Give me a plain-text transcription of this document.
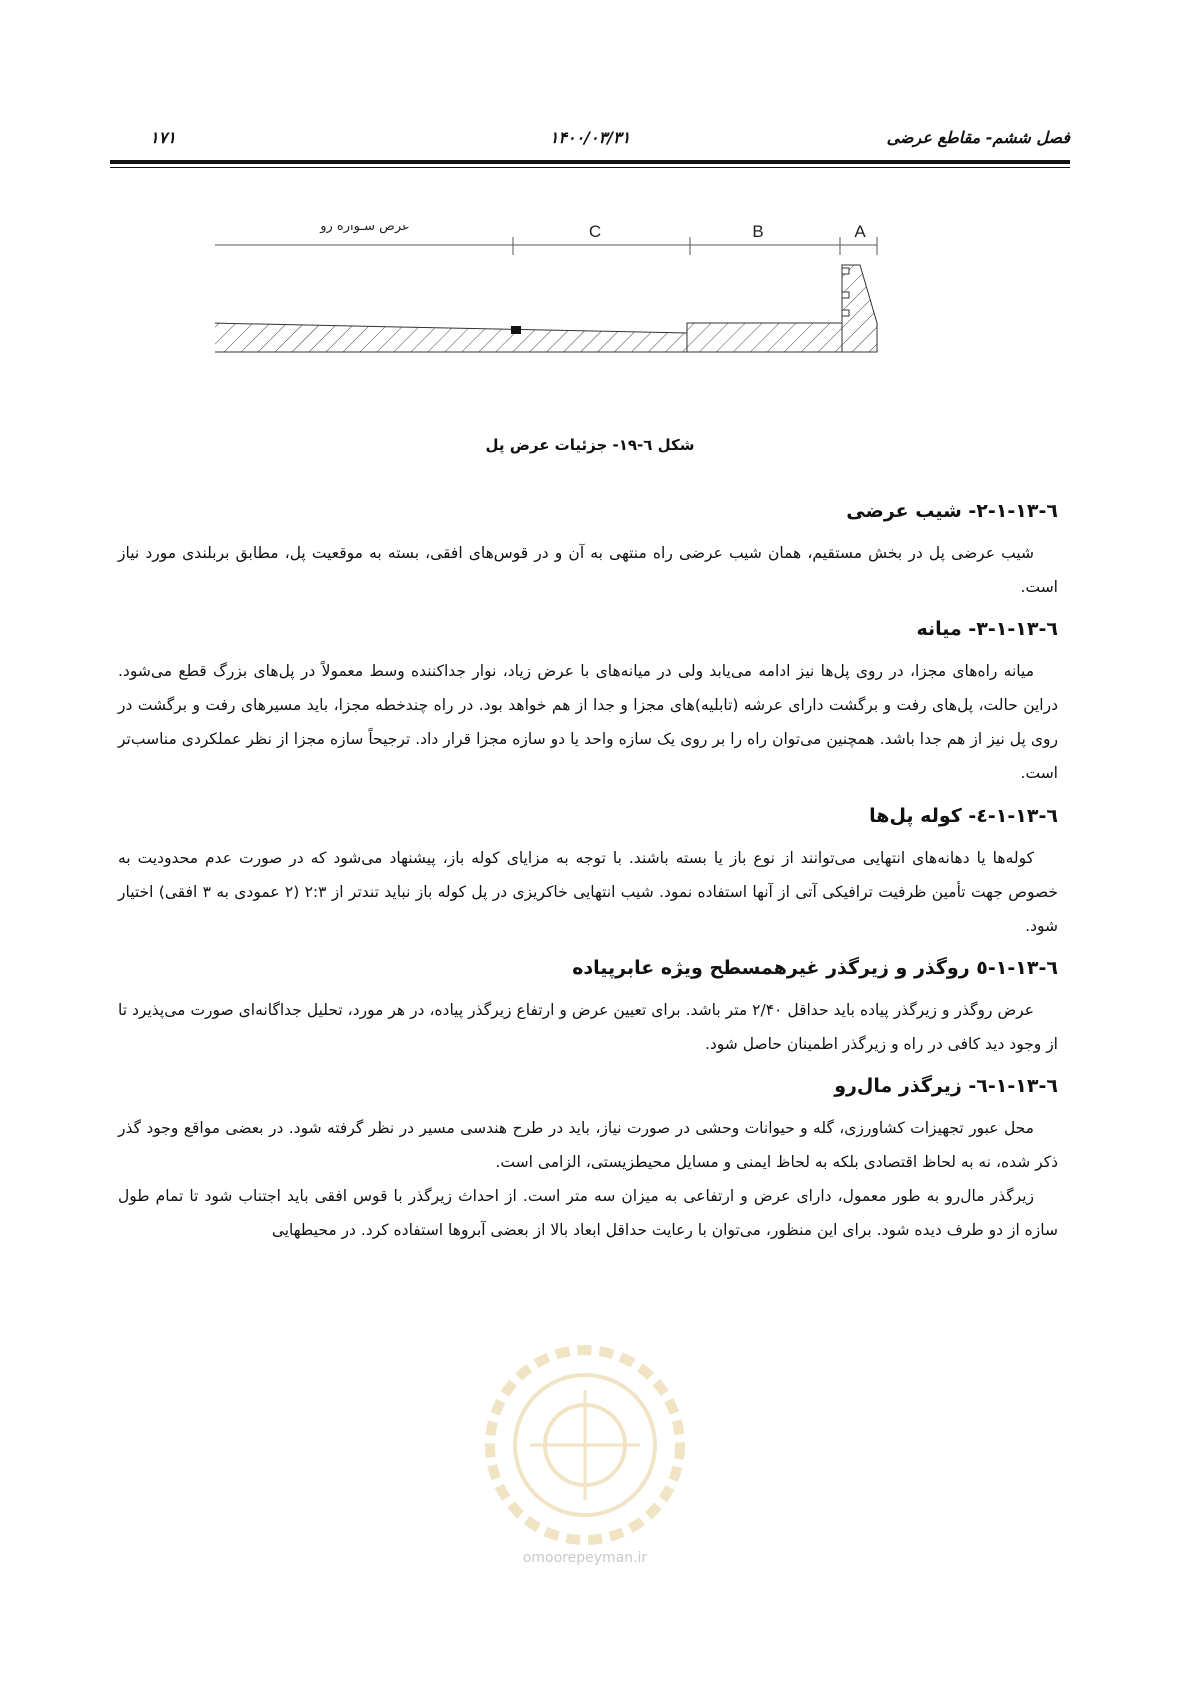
فصل ششم- مقاطع عرضی
۱۴۰۰/۰۳/۳۱
۱۷۱
عرض سـواره رو	C	B	A
شکل ٦-١٩- جزئیات عرض پل
٦-١٣-١-٢- شیب عرضی

شیب عرضی پل در بخش مستقیم، همان شیب عرضی راه منتهی به آن و در قوس‌های افقی، بسته به موقعیت پل، مطابق بربلندی مورد نیاز است.

٦-١٣-١-٣- میانه

میانه راه‌های مجزا، در روی پل‌ها نیز ادامه می‌یابد ولی در میانه‌های با عرض زیاد، نوار جداکننده وسط معمولاً در پل‌های بزرگ قطع می‌شود. دراین حالت، پل‌های رفت و برگشت دارای عرشه (تابلیه)های مجزا و جدا از هم خواهد بود. در راه چندخطه مجزا، باید مسیرهای رفت و برگشت در روی پل نیز از هم جدا باشد. همچنین می‌توان راه را بر روی یک سازه واحد یا دو سازه مجزا قرار داد. ترجیحاً سازه مجزا از نظر عملکردی مناسب‌تر است.

٦-١٣-١-٤- کوله پل‌ها

کوله‌ها یا دهانه‌های انتهایی می‌توانند از نوع باز یا بسته باشند. با توجه به مزایای کوله باز، پیشنهاد می‌شود که در صورت عدم محدودیت به خصوص جهت تأمین ظرفیت ترافیکی آتی از آنها استفاده نمود. شیب انتهایی خاکریزی در پل کوله باز نباید تندتر از ۲:۳ (۲ عمودی به ۳ افقی) اختیار شود.

٦-١٣-١-٥ روگذر و زیرگذر غیرهمسطح ویژه عابرپیاده

عرض روگذر و زیرگذر پیاده باید حداقل ۲/۴۰ متر باشد. برای تعیین عرض و ارتفاع زیرگذر پیاده، در هر مورد، تحلیل جداگانه‌ای صورت می‌پذیرد تا از وجود دید کافی در راه و زیرگذر اطمینان حاصل شود.

٦-١٣-١-٦- زیرگذر مال‌رو

محل عبور تجهیزات کشاورزی، گله و حیوانات وحشی در صورت نیاز، باید در طرح هندسی مسیر در نظر گرفته شود. در بعضی مواقع وجود گذر ذکر شده، نه به لحاظ اقتصادی بلکه به لحاظ ایمنی و مسایل محیطزیستی، الزامی است.

زیرگذر مال‌رو به طور معمول، دارای عرض و ارتفاعی به میزان سه متر است. از احداث زیرگذر با قوس افقی باید اجتناب شود تا تمام طول سازه از دو طرف دیده شود. برای این منظور، می‌توان با رعایت حداقل ابعاد بالا از بعضی آبروها استفاده کرد. در محیطهایی

omoorepeyman.ir
